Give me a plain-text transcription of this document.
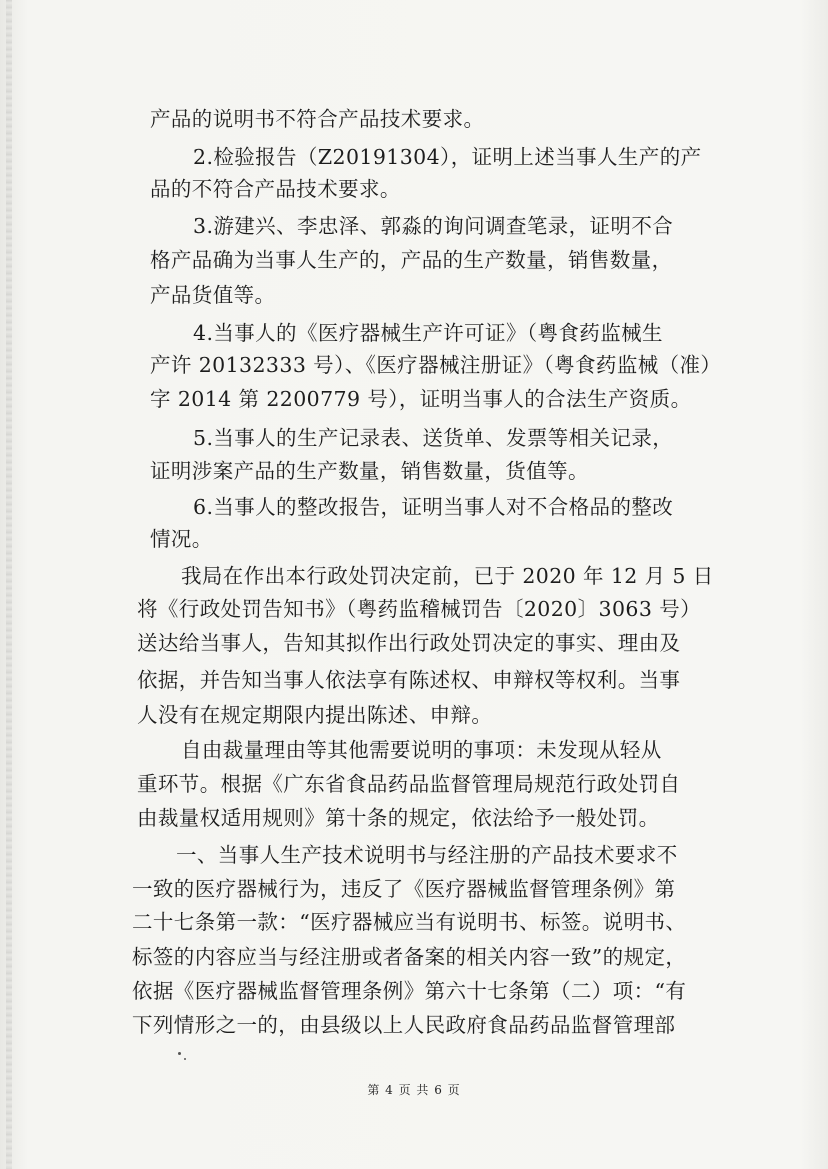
产品的说明书不符合产品技术要求。
2.检验报告（Z20191304），证明上述当事人生产的产
品的不符合产品技术要求。
3.游建兴、李忠泽、郭淼的询问调查笔录，证明不合
格产品确为当事人生产的，产品的生产数量，销售数量，
产品货值等。
4.当事人的《医疗器械生产许可证》（粤食药监械生
产许 20132333 号）、《医疗器械注册证》（粤食药监械（准）
字 2014 第 2200779 号），证明当事人的合法生产资质。
5.当事人的生产记录表、送货单、发票等相关记录，
证明涉案产品的生产数量，销售数量，货值等。
6.当事人的整改报告，证明当事人对不合格品的整改
情况。
我局在作出本行政处罚决定前，已于 2020 年 12 月 5 日
将《行政处罚告知书》（粤药监稽械罚告〔2020〕3063 号）
送达给当事人，告知其拟作出行政处罚决定的事实、理由及
依据，并告知当事人依法享有陈述权、申辩权等权利。当事
人没有在规定期限内提出陈述、申辩。
自由裁量理由等其他需要说明的事项：未发现从轻从
重环节。根据《广东省食品药品监督管理局规范行政处罚自
由裁量权适用规则》第十条的规定，依法给予一般处罚。
一、当事人生产技术说明书与经注册的产品技术要求不
一致的医疗器械行为，违反了《医疗器械监督管理条例》第
二十七条第一款：“医疗器械应当有说明书、标签。说明书、
标签的内容应当与经注册或者备案的相关内容一致”的规定，
依据《医疗器械监督管理条例》第六十七条第（二）项：“有
下列情形之一的，由县级以上人民政府食品药品监督管理部
第 4 页 共 6 页
